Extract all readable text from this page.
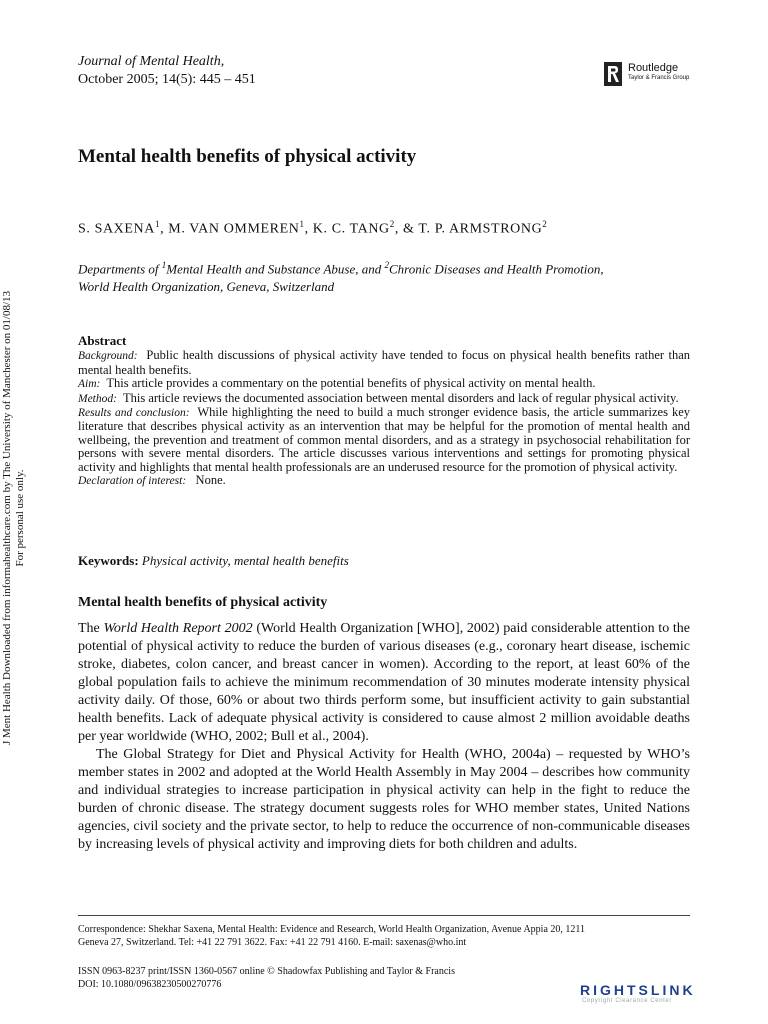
J Ment Health Downloaded from informahealthcare.com by The University of Manchester on 01/08/13 For personal use only.
Journal of Mental Health,
October 2005; 14(5): 445 – 451
Routledge
Taylor & Francis Group
Mental health benefits of physical activity
S. SAXENA$^1$, M. VAN OMMEREN$^1$, K. C. TANG$^2$, & T. P. ARMSTRONG$^2$
Departments of $^1$Mental Health and Substance Abuse, and $^2$Chronic Diseases and Health Promotion,
World Health Organization, Geneva, Switzerland
Abstract

Background: Public health discussions of physical activity have tended to focus on physical health benefits rather than mental health benefits.

Aim: This article provides a commentary on the potential benefits of physical activity on mental health.

Method: This article reviews the documented association between mental disorders and lack of regular physical activity.

Results and conclusion: While highlighting the need to build a much stronger evidence basis, the article summarizes key literature that describes physical activity as an intervention that may be helpful for the promotion of mental health and wellbeing, the prevention and treatment of common mental disorders, and as a strategy in psychosocial rehabilitation for persons with severe mental disorders. The article discusses various interventions and settings for promoting physical activity and highlights that mental health professionals are an underused resource for the promotion of physical activity.

Declaration of interest: None.

Keywords: Physical activity, mental health benefits
Mental health benefits of physical activity

The World Health Report 2002 (World Health Organization [WHO], 2002) paid considerable attention to the potential of physical activity to reduce the burden of various diseases (e.g., coronary heart disease, ischemic stroke, diabetes, colon cancer, and breast cancer in women). According to the report, at least 60% of the global population fails to achieve the minimum recommendation of 30 minutes moderate intensity physical activity daily. Of those, 60% or about two thirds perform some, but insufficient activity to gain substantial health benefits. Lack of adequate physical activity is considered to cause almost 2 million avoidable deaths per year worldwide (WHO, 2002; Bull et al., 2004).

The Global Strategy for Diet and Physical Activity for Health (WHO, 2004a) – requested by WHO’s member states in 2002 and adopted at the World Health Assembly in May 2004 – describes how community and individual strategies to increase participation in physical activity can help in the fight to reduce the burden of chronic disease. The strategy document suggests roles for WHO member states, United Nations agencies, civil society and the private sector, to help to reduce the occurrence of non-communicable diseases by increasing levels of physical activity and improving diets for both children and adults.

Correspondence: Shekhar Saxena, Mental Health: Evidence and Research, World Health Organization, Avenue Appia 20, 1211
Geneva 27, Switzerland. Tel: +41 22 791 3622. Fax: +41 22 791 4160. E-mail: saxenas@who.int
ISSN 0963-8237 print/ISSN 1360-0567 online © Shadowfax Publishing and Taylor & Francis
DOI: 10.1080/09638230500270776	RIGHTSLINK
Copyright Clearance Center
